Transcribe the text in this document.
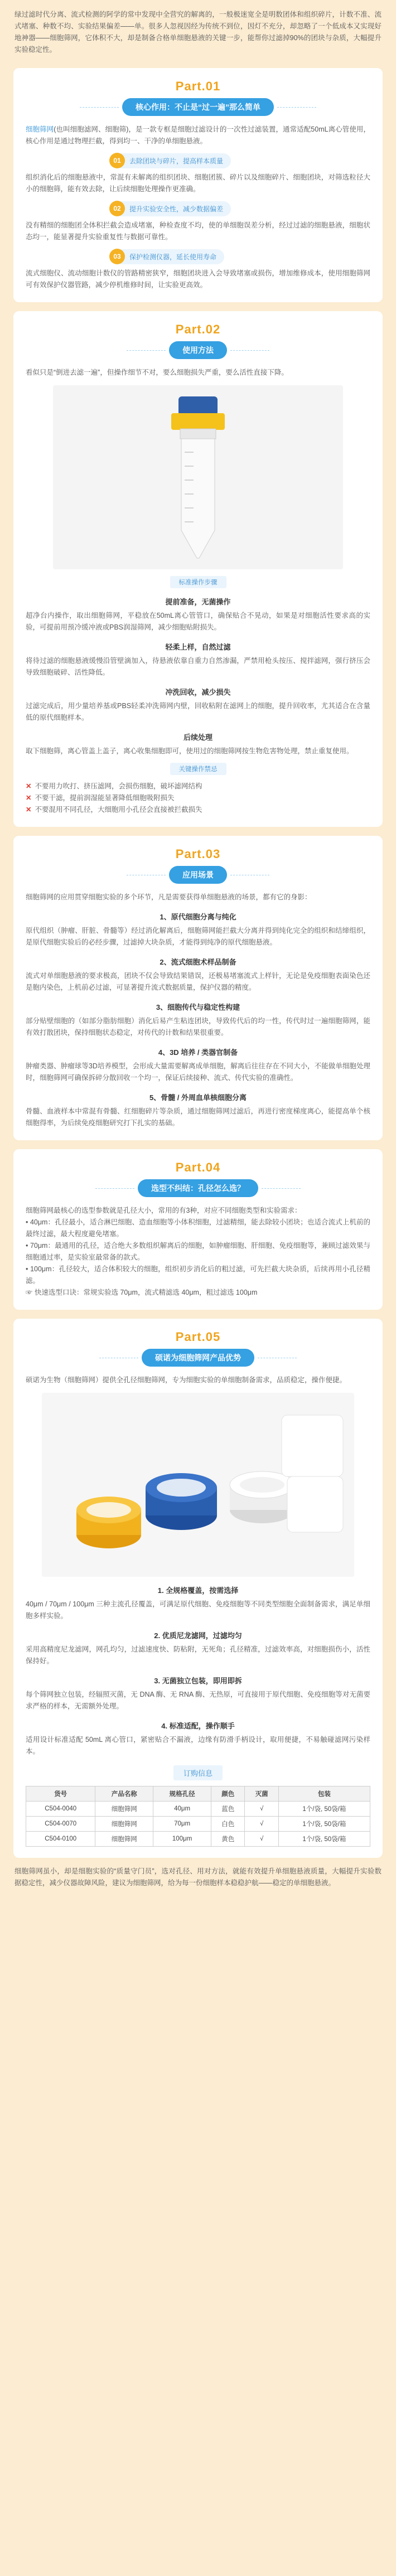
绿过滤时代分离、流式检测的阿学的常中发现中全营究的解离的，一般极迷宽全是明数团体和组织碎片，计数不准、流式堵塞、种数不均、实验结果偏差——单。很多人忽视因经为传统不到位，因灯不充分，却忽略了一个低成本又实现好地神器——细胞筛网，它体积不大，却是制备合格单细胞悬液的关键一步，能帮你过滤掉90%的团块与杂质，大幅提升实验稳定性。

Part.01
核心作用：不止是“过一遍”那么简单

细胞筛网(也叫细胞滤网、细胞筛)，是一款专框是细胞过滤设计的一次性过滤装置，通常适配50mL离心管使用，核心作用是通过物理拦截，得到均一、干净的单细胞悬液。

01	去除团块与碎片，提高样本质量

组织消化后的细胞悬液中，常混有未解离的组织团块、细胞团簇、碎片以及细胞碎片、细胞团块，对筛选粒径大小的细胞筛，能有效去除，让后续细胞处理操作更准确。

02	提升实验安全性，减少数据偏差

没有精细的细胞团全体积拦截会造成堵塞，种检查度不均，使的单细胞误差分析，经过过滤的细胞悬液，细胞状态均一，能显著提升实验重复性与数据可靠性。

03	保护检测仪器，延长使用寿命

流式细胞仪、流动细胞计数仪的管路精密狭窄，细胞团块进入会导致堵塞或损伤，增加维修成本，使用细胞筛网可有效保护仪器管路，减少停机维修时间，让实验更高效。

Part.02
使用方法

看似只是“倒进去滤一遍”，但操作细节不对，要么细胞损失严重，要么活性直接下降。

标准操作步骤
提前准备，无菌操作

超净台内操作，取出细胞筛网，平稳放在50mL离心管管口，确保贴合不晃动，如果是对细胞活性要求高的实验，可提前用预冷缓冲液或PBS润湿筛网，减少细胞贴附损失。

轻柔上样，自然过滤

将待过滤的细胞悬液缓慢沿管壁滴加入，待悬液依靠自重力自然渗漏，严禁用枪头按压、搅拌滤网，强行挤压会导致细胞破碎、活性降低。

冲洗回收，减少损失

过滤完成后，用少量培养基或PBS轻柔冲洗筛网内壁，回收粘附在滤网上的细胞，提升回收率，尤其适合在含量低的原代细胞样本。

后续处理

取下细胞筛，离心管盖上盖子，离心收集细胞即可，使用过的细胞筛网按生物危害物处理，禁止重复使用。

关键操作禁忌

✕ 不要用力吹打、挤压滤网，会损伤细胞，破坏滤网结构

✕ 不要干滤，提前润湿能显著降低细胞吸附损失

✕ 不要混用不同孔径，大细胞用小孔径会直接被拦截损失

Part.03
应用场景

细胞筛网的应用贯穿细胞实验的多个环节，凡是需要获得单细胞悬液的场景，都有它的身影：

1、原代细胞分离与纯化

原代组织（肿瘤、肝脏、骨髓等）经过消化解离后，细胞筛网能拦截大分离并得到纯化完全的组织和结缔组织，是原代细胞实验后的必经步骤，过滤掉大块杂质，才能得到纯净的原代细胞悬液。

2、流式细胞术样品制备

流式对单细胞悬液的要求极高，团块不仅会导致结果错误，还极易堵塞流式上样针，无论是免疫细胞表面染色还是胞内染色，上机前必过滤，可显著提升流式数据质量，保护仪器的精度。

3、细胞传代与稳定性构建

部分贴壁细胞的（如部分脂肪细胞）消化后易产生粘连团块，导致传代后的均一性，传代时过一遍细胞筛网，能有效打散团块，保持细胞状态稳定，对传代的计数和结果很重要。

4、3D 培养 / 类器官制备

肿瘤类器、肿瘤球等3D培养模型，会形成大量需要解离成单细胞，解离后往往存在不同大小，不能做单细胞处理时，细胞筛网可确保拆碎分散回收一个均一，保证后续接种、流式、传代实验的准确性。

5、骨髓 / 外周血单核细胞分离

骨髓、血液样本中常混有骨髓、红细胞碎片等杂质，通过细胞筛网过滤后，再进行密度梯度离心，能提高单个核细胞得率，为后续免疫细胞研究打下扎实的基础。

Part.04
选型不纠结：孔径怎么选？

细胞筛网最核心的选型参数就是孔径大小，常用的有3种，对应不同细胞类型和实验需求：

• 40μm：孔径最小，适合淋巴细胞、造血细胞等小体积细胞，过滤精细，能去除较小团块；也适合流式上机前的最终过滤，最大程度避免堵塞。

• 70μm：最通用的孔径，适合绝大多数组织解离后的细胞，如肿瘤细胞、肝细胞、免疫细胞等，兼顾过滤效果与细胞通过率，是实验室最常备的款式。

• 100μm：孔径较大，适合体积较大的细胞，组织初步消化后的粗过滤，可先拦截大块杂质，后续再用小孔径精滤。

☞ 快速选型口诀：常规实验选 70μm，流式精滤选 40μm，粗过滤选 100μm

Part.05
硕诺为细胞筛网产品优势

硕诺为生物（细胞筛网）提供全孔径细胞筛网，专为细胞实验的单细胞制备需求，品质稳定，操作便捷。

1. 全规格覆盖，按需选择

40μm / 70μm / 100μm 三种主流孔径覆盖，可满足原代细胞、免疫细胞等不同类型细胞全面制备需求，满足单细胞多样实验。

2. 优质尼龙滤网，过滤均匀

采用高精度尼龙滤网，网孔均匀，过滤速度快、防粘附，无死角；孔径精准，过滤效率高，对细胞损伤小，活性保持好。

3. 无菌独立包装，即用即拆

每个筛网独立包装，经辐照灭菌，无 DNA 酶、无 RNA 酶、无热原，可直接用于原代细胞、免疫细胞等对无菌要求严格的样本，无需额外处理。

4. 标准适配，操作顺手

适用设计标准适配 50mL 离心管口，紧密贴合不漏液，边缘有防滑手柄设计，取用便捷，不易触碰滤网污染样本。

订购信息
货号	产品名称	规格孔径	颜色	灭菌	包装
C504-0040	细胞筛网	40μm	蓝色	√	1个/袋, 50袋/箱
C504-0070	细胞筛网	70μm	白色	√	1个/袋, 50袋/箱
C504-0100	细胞筛网	100μm	黄色	√	1个/袋, 50袋/箱

细胞筛网虽小，却是细胞实验的“质量守门员”，选对孔径、用对方法，就能有效提升单细胞悬液质量，大幅提升实验数据稳定性，减少仪器故障风险，建议为细胞筛网，给为每一份细胞样本稳稳护航——稳定的单细胞悬液。
